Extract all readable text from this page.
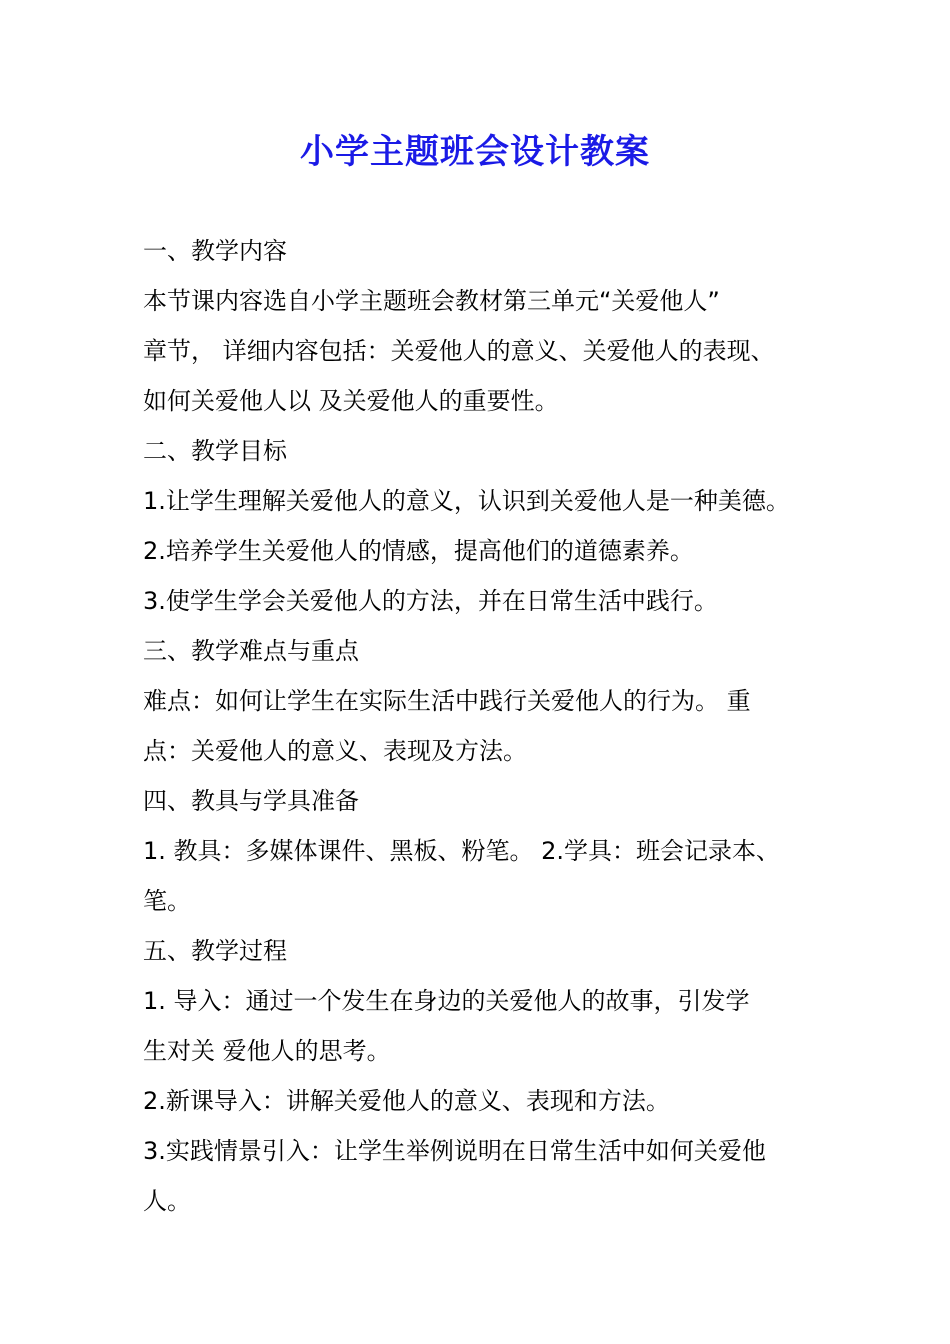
小学主题班会设计教案
一、教学内容
本节课内容选自小学主题班会教材第三单元“关爱他人”
章节， 详细内容包括：关爱他人的意义、关爱他人的表现、
如何关爱他人以 及关爱他人的重要性。
二、教学目标
1.让学生理解关爱他人的意义，认识到关爱他人是一种美德。
2.培养学生关爱他人的情感，提高他们的道德素养。
3.使学生学会关爱他人的方法，并在日常生活中践行。
三、教学难点与重点
难点：如何让学生在实际生活中践行关爱他人的行为。 重
点：关爱他人的意义、表现及方法。
四、教具与学具准备
1. 教具：多媒体课件、黑板、粉笔。 2.学具：班会记录本、
笔。
五、教学过程
1. 导入：通过一个发生在身边的关爱他人的故事，引发学
生对关 爱他人的思考。
2.新课导入：讲解关爱他人的意义、表现和方法。
3.实践情景引入：让学生举例说明在日常生活中如何关爱他
人。
